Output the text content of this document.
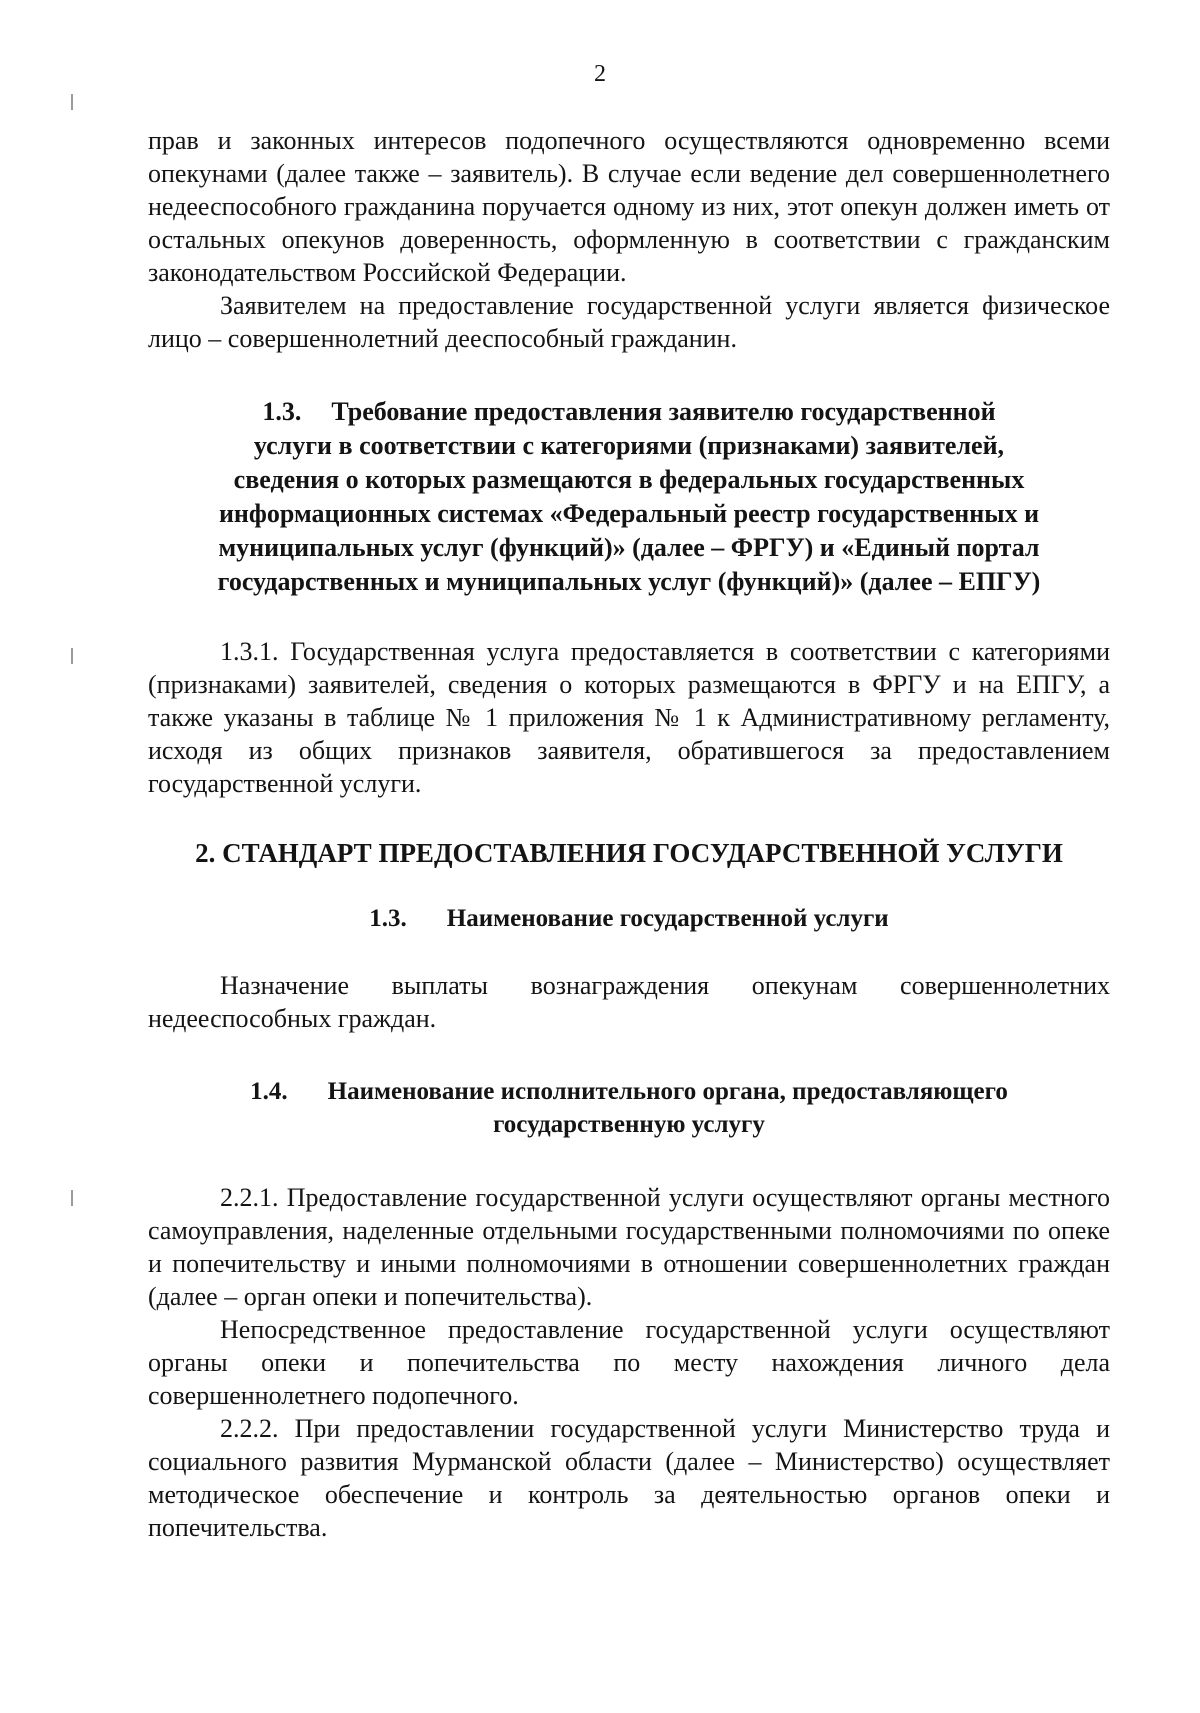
2

прав и законных интересов подопечного осуществляются одновременно всеми опекунами (далее также – заявитель). В случае если ведение дел совершеннолетнего недееспособного гражданина поручается одному из них, этот опекун должен иметь от остальных опекунов доверенность, оформленную в соответствии с гражданским законодательством Российской Федерации.

Заявителем на предоставление государственной услуги является физическое лицо – совершеннолетний дееспособный гражданин.

1.3. Требование предоставления заявителю государственной
услуги в соответствии с категориями (признаками) заявителей,
сведения о которых размещаются в федеральных государственных
информационных системах «Федеральный реестр государственных и
муниципальных услуг (функций)» (далее – ФРГУ) и «Единый портал
государственных и муниципальных услуг (функций)» (далее – ЕПГУ)

1.3.1. Государственная услуга предоставляется в соответствии с категориями (признаками) заявителей, сведения о которых размещаются в ФРГУ и на ЕПГУ, а также указаны в таблице № 1 приложения № 1 к Административному регламенту, исходя из общих признаков заявителя, обратившегося за предоставлением государственной услуги.

2. СТАНДАРТ ПРЕДОСТАВЛЕНИЯ ГОСУДАРСТВЕННОЙ УСЛУГИ
1.3. Наименование государственной услуги

Назначение выплаты вознаграждения опекунам совершеннолетних недееспособных граждан.

1.4. Наименование исполнительного органа, предоставляющего
государственную услугу

2.2.1. Предоставление государственной услуги осуществляют органы местного самоуправления, наделенные отдельными государственными полномочиями по опеке и попечительству и иными полномочиями в отношении совершеннолетних граждан (далее – орган опеки и попечительства).

Непосредственное предоставление государственной услуги осуществляют органы опеки и попечительства по месту нахождения личного дела совершеннолетнего подопечного.

2.2.2. При предоставлении государственной услуги Министерство труда и социального развития Мурманской области (далее – Министерство) осуществляет методическое обеспечение и контроль за деятельностью органов опеки и попечительства.
